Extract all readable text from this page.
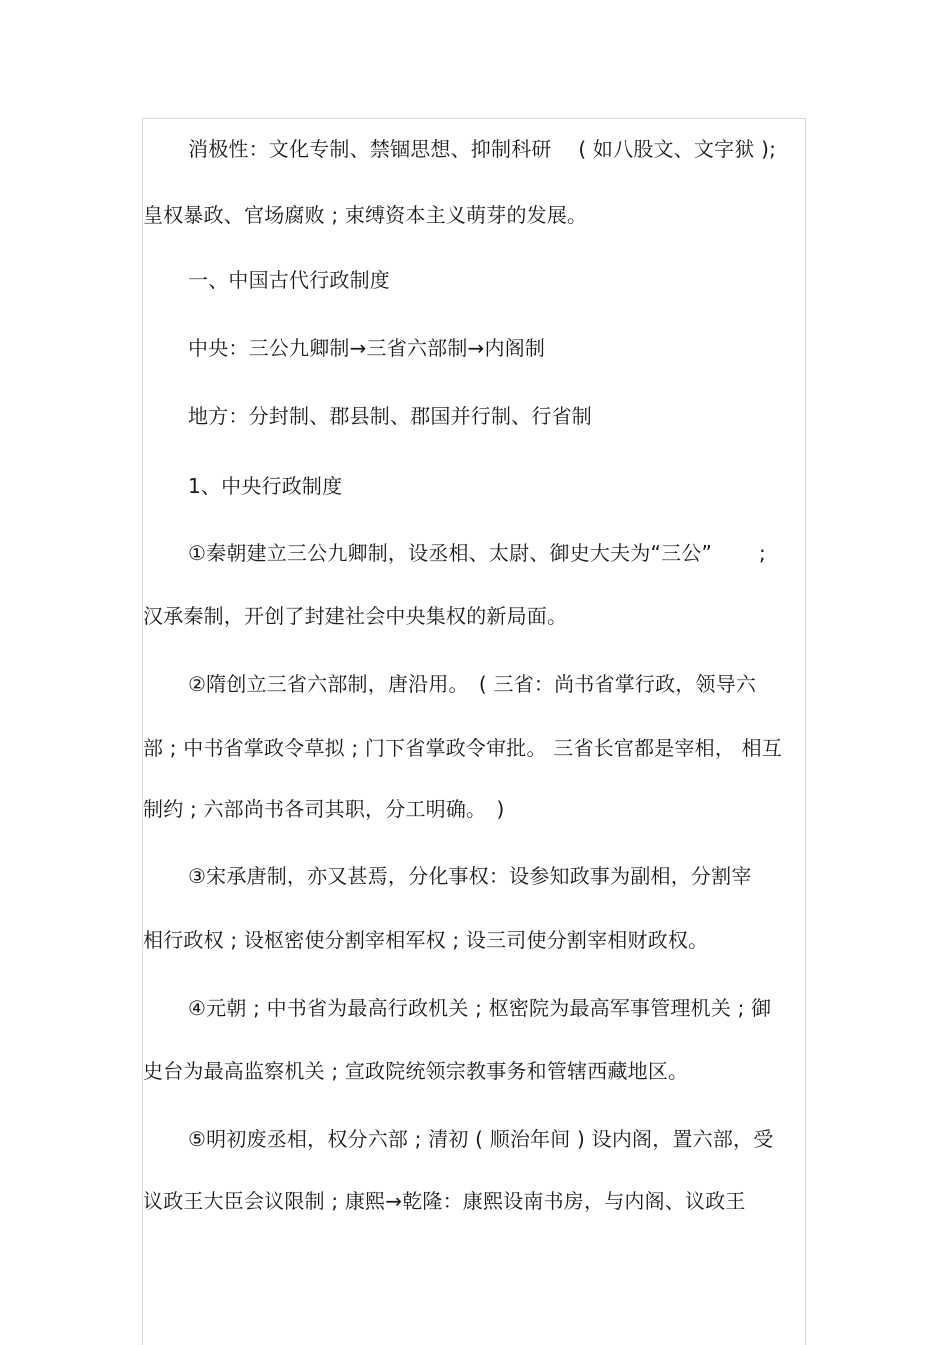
消极性：文化专制、禁锢思想、抑制科研　 ( 如八股文、文字狱 );
皇权暴政、官场腐败 ; 束缚资本主义萌芽的发展。
一、中国古代行政制度
中央：三公九卿制→三省六部制→内阁制
地方：分封制、郡县制、郡国并行制、行省制
1、中央行政制度
①秦朝建立三公九卿制，设丞相、太尉、御史大夫为“三公”　　 ;
汉承秦制，开创了封建社会中央集权的新局面。
②隋创立三省六部制，唐沿用。　( 三省：尚书省掌行政，领导六
部 ; 中书省掌政令草拟 ; 门下省掌政令审批。 三省长官都是宰相， 相互
制约 ; 六部尚书各司其职，分工明确。　)
③宋承唐制，亦又甚焉，分化事权：设参知政事为副相，分割宰
相行政权 ; 设枢密使分割宰相军权 ; 设三司使分割宰相财政权。
④元朝 ; 中书省为最高行政机关 ; 枢密院为最高军事管理机关 ; 御
史台为最高监察机关 ; 宣政院统领宗教事务和管辖西藏地区。
⑤明初废丞相，权分六部 ; 清初 ( 顺治年间 ) 设内阁，置六部，受
议政王大臣会议限制 ; 康熙→乾隆：康熙设南书房，与内阁、议政王
